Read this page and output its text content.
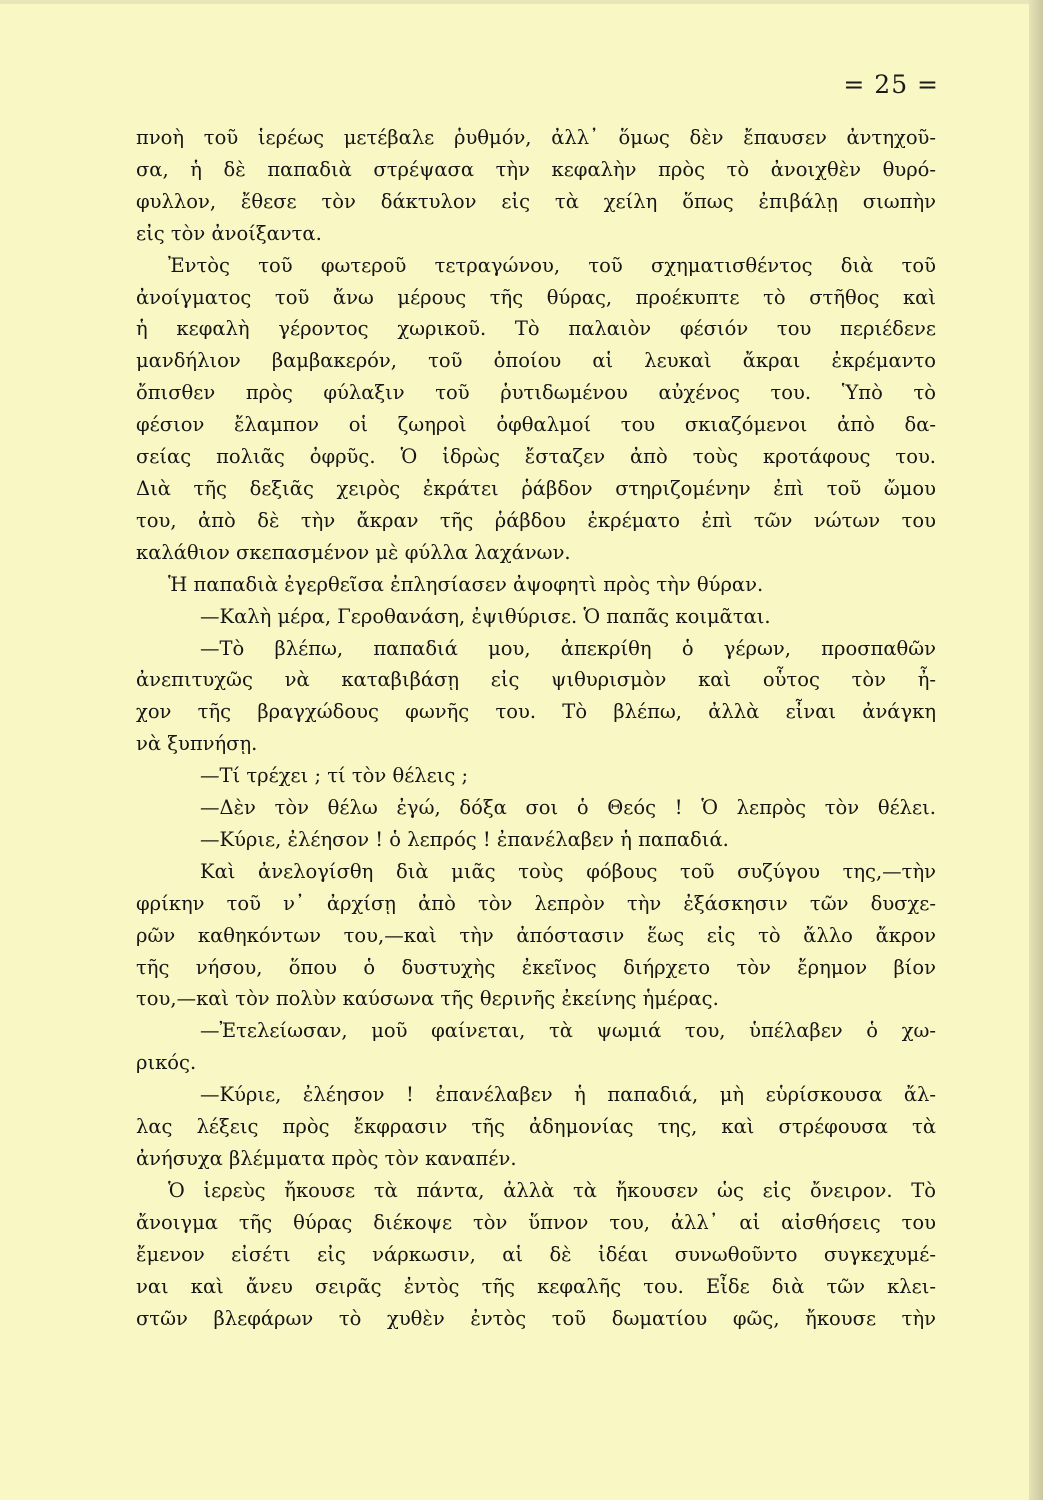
= 25 =
πνοὴ τοῦ ἱερέως μετέβαλε ῥυθμόν, ἀλλ᾿ ὅμως δὲν ἔπαυσεν ἀντηχοῦ-
σα, ἡ δὲ παπαδιὰ στρέψασα τὴν κεφαλὴν πρὸς τὸ ἀνοιχθὲν θυρό-
φυλλον, ἔθεσε τὸν δάκτυλον εἰς τὰ χείλη ὅπως ἐπιβάλῃ σιωπὴν
εἰς τὸν ἀνοίξαντα.
Ἐντὸς τοῦ φωτεροῦ τετραγώνου, τοῦ σχηματισθέντος διὰ τοῦ
ἀνοίγματος τοῦ ἄνω μέρους τῆς θύρας, προέκυπτε τὸ στῆθος καὶ
ἡ κεφαλὴ γέροντος χωρικοῦ. Τὸ παλαιὸν φέσιόν του περιέδενε
μανδήλιον βαμβακερόν, τοῦ ὁποίου αἱ λευκαὶ ἄκραι ἐκρέμαντο
ὄπισθεν πρὸς φύλαξιν τοῦ ῥυτιδωμένου αὐχένος του. Ὑπὸ τὸ
φέσιον ἔλαμπον οἱ ζωηροὶ ὀφθαλμοί του σκιαζόμενοι ἀπὸ δα-
σείας πολιᾶς ὀφρῦς. Ὁ ἱδρὼς ἔσταζεν ἀπὸ τοὺς κροτάφους του.
Διὰ τῆς δεξιᾶς χειρὸς ἐκράτει ῥάβδον στηριζομένην ἐπὶ τοῦ ὤμου
του, ἀπὸ δὲ τὴν ἄκραν τῆς ῥάβδου ἐκρέματο ἐπὶ τῶν νώτων του
καλάθιον σκεπασμένον μὲ φύλλα λαχάνων.
Ἡ παπαδιὰ ἐγερθεῖσα ἐπλησίασεν ἀψοφητὶ πρὸς τὴν θύραν.
—Καλὴ μέρα, Γεροθανάση, ἐψιθύρισε. Ὁ παπᾶς κοιμᾶται.
—Τὸ βλέπω, παπαδιά μου, ἀπεκρίθη ὁ γέρων, προσπαθῶν
ἀνεπιτυχῶς νὰ καταβιβάσῃ εἰς ψιθυρισμὸν καὶ οὗτος τὸν ἦ-
χον τῆς βραγχώδους φωνῆς του. Τὸ βλέπω, ἀλλὰ εἶναι ἀνάγκη
νὰ ξυπνήσῃ.
—Τί τρέχει ; τί τὸν θέλεις ;
—Δὲν τὸν θέλω ἐγώ, δόξα σοι ὁ Θεός ! Ὁ λεπρὸς τὸν θέλει.
—Κύριε, ἐλέησον ! ὁ λεπρός ! ἐπανέλαβεν ἡ παπαδιά.
Καὶ ἀνελογίσθη διὰ μιᾶς τοὺς φόβους τοῦ συζύγου της,—τὴν
φρίκην τοῦ ν᾿ ἀρχίσῃ ἀπὸ τὸν λεπρὸν τὴν ἐξάσκησιν τῶν δυσχε-
ρῶν καθηκόντων του,—καὶ τὴν ἀπόστασιν ἕως εἰς τὸ ἄλλο ἄκρον
τῆς νήσου, ὅπου ὁ δυστυχὴς ἐκεῖνος διήρχετο τὸν ἔρημον βίον
του,—καὶ τὸν πολὺν καύσωνα τῆς θερινῆς ἐκείνης ἡμέρας.
—Ἐτελείωσαν, μοῦ φαίνεται, τὰ ψωμιά του, ὑπέλαβεν ὁ χω-
ρικός.
—Κύριε, ἐλέησον ! ἐπανέλαβεν ἡ παπαδιά, μὴ εὑρίσκουσα ἄλ-
λας λέξεις πρὸς ἔκφρασιν τῆς ἀδημονίας της, καὶ στρέφουσα τὰ
ἀνήσυχα βλέμματα πρὸς τὸν καναπέν.
Ὁ ἱερεὺς ἤκουσε τὰ πάντα, ἀλλὰ τὰ ἤκουσεν ὡς εἰς ὄνειρον. Τὸ
ἄνοιγμα τῆς θύρας διέκοψε τὸν ὕπνον του, ἀλλ᾿ αἱ αἰσθήσεις του
ἔμενον εἰσέτι εἰς νάρκωσιν, αἱ δὲ ἰδέαι συνωθοῦντο συγκεχυμέ-
ναι καὶ ἄνευ σειρᾶς ἐντὸς τῆς κεφαλῆς του. Εἶδε διὰ τῶν κλει-
στῶν βλεφάρων τὸ χυθὲν ἐντὸς τοῦ δωματίου φῶς, ἤκουσε τὴν
